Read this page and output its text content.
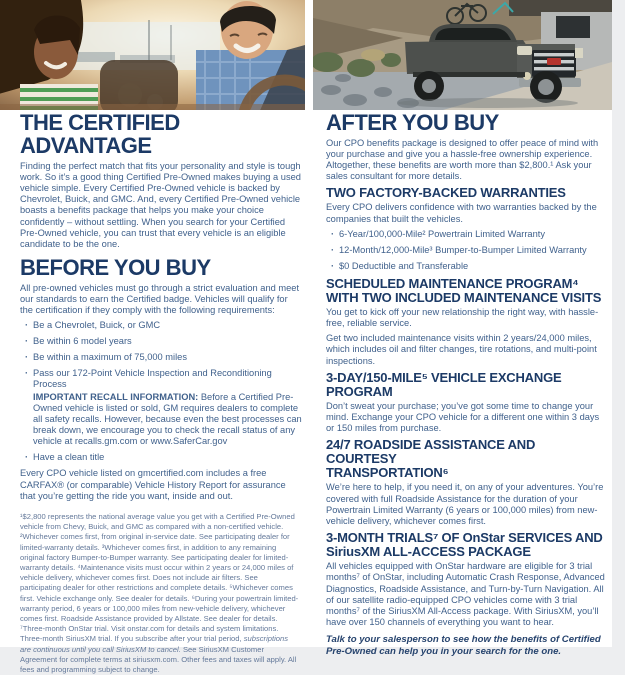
THE CERTIFIED ADVANTAGE

Finding the perfect match that fits your personality and style is tough work. So it’s a good thing Certified Pre-Owned makes buying a used vehicle simple. Every Certified Pre-Owned vehicle is backed by Chevrolet, Buick, and GMC. And, every Certified Pre-Owned vehicle boasts a benefits package that helps you make your choice confidently – without settling. When you search for your Certified Pre-Owned vehicle, you can trust that every vehicle is an eligible candidate to be the one.

BEFORE YOU BUY

All pre-owned vehicles must go through a strict evaluation and meet our standards to earn the Certified badge. Vehicles will qualify for the certification if they comply with the following requirements:

· Be a Chevrolet, Buick, or GMC
· Be within 6 model years
· Be within a maximum of 75,000 miles
· Pass our 172-Point Vehicle Inspection and Reconditioning Process
IMPORTANT RECALL INFORMATION: Before a Certified Pre-Owned vehicle is listed or sold, GM requires dealers to complete all safety recalls. However, because even the best processes can break down, we encourage you to check the recall status of any vehicle at recalls.gm.com or www.SaferCar.gov
· Have a clean title

Every CPO vehicle listed on gmcertified.com includes a free CARFAX® (or comparable) Vehicle History Report for assurance that you’re getting the ride you want, inside and out.

¹$2,800 represents the national average value you get with a Certified Pre-Owned vehicle from Chevy, Buick, and GMC as compared with a non-certified vehicle. ²Whichever comes first, from original in-service date. See participating dealer for limited-warranty details. ³Whichever comes first, in addition to any remaining original factory Bumper-to-Bumper warranty. See participating dealer for limited-warranty details. ⁴Maintenance visits must occur within 2 years or 24,000 miles of vehicle delivery, whichever comes first. Does not include air filters. See participating dealer for other restrictions and complete details. ⁵Whichever comes first. Vehicle exchange only. See dealer for details. ⁶During your powertrain limited-warranty period, 6 years or 100,000 miles from new-vehicle delivery, whichever comes first. Roadside Assistance provided by Allstate. See dealer for details. ⁷Three-month OnStar trial. Visit onstar.com for details and system limitations. Three-month SiriusXM trial. If you subscribe after your trial period, subscriptions are continuous until you call SiriusXM to cancel. See SiriusXM Customer Agreement for complete terms at siriusxm.com. Other fees and taxes will apply. All fees and programming subject to change.

AFTER YOU BUY

Our CPO benefits package is designed to offer peace of mind with your purchase and give you a hassle-free ownership experience. Altogether, these benefits are worth more than $2,800.¹ Ask your sales consultant for more details.

TWO FACTORY-BACKED WARRANTIES

Every CPO delivers confidence with two warranties backed by the companies that built the vehicles.

· 6-Year/100,000-Mile² Powertrain Limited Warranty
· 12-Month/12,000-Mile³ Bumper-to-Bumper Limited Warranty
· $0 Deductible and Transferable
SCHEDULED MAINTENANCE PROGRAM⁴
WITH TWO INCLUDED MAINTENANCE VISITS

You get to kick off your new relationship the right way, with hassle-free, reliable service.

Get two included maintenance visits within 2 years/24,000 miles, which includes oil and filter changes, tire rotations, and multi-point inspections.

3-DAY/150-MILE⁵ VEHICLE EXCHANGE PROGRAM

Don’t sweat your purchase; you’ve got some time to change your mind. Exchange your CPO vehicle for a different one within 3 days or 150 miles from purchase.

24/7 ROADSIDE ASSISTANCE AND COURTESY
TRANSPORTATION⁶

We’re here to help, if you need it, on any of your adventures. You’re covered with full Roadside Assistance for the duration of your Powertrain Limited Warranty (6 years or 100,000 miles) from new-vehicle delivery, whichever comes first.

3-MONTH TRIALS⁷ OF OnStar SERVICES AND
SiriusXM ALL-ACCESS PACKAGE

All vehicles equipped with OnStar hardware are eligible for 3 trial months⁷ of OnStar, including Automatic Crash Response, Advanced Diagnostics, Roadside Assistance, and Turn-by-Turn Navigation. All of our satellite radio-equipped CPO vehicles come with 3 trial months⁷ of the SiriusXM All-Access package. With SiriusXM, you’ll have over 150 channels of everything you want to hear.

Talk to your salesperson to see how the benefits of Certified Pre-Owned can help you in your search for the one.
